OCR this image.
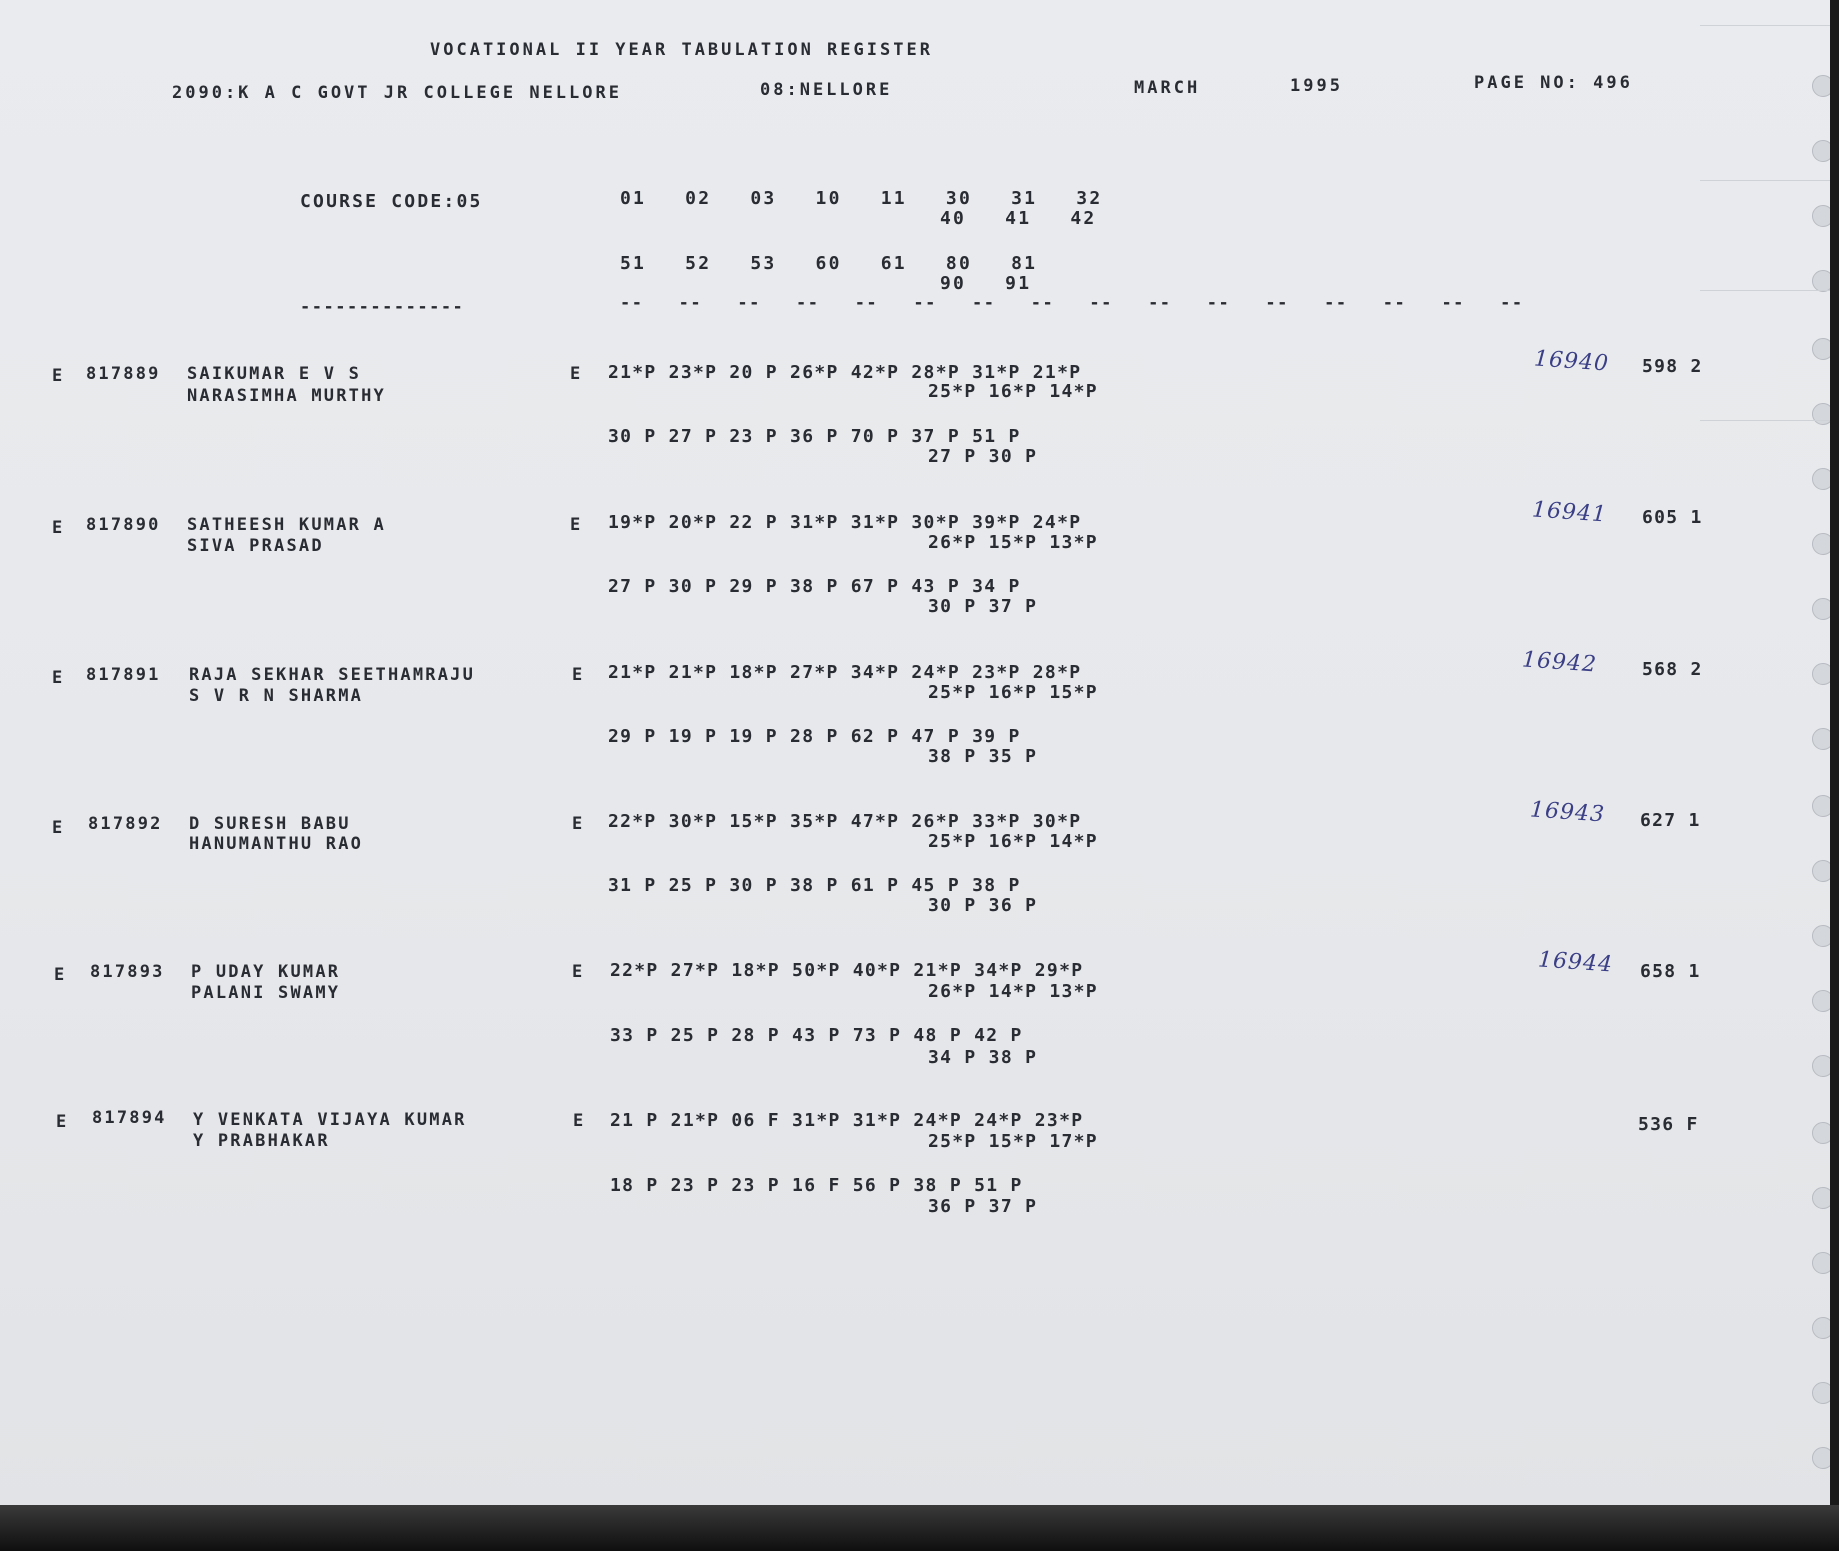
VOCATIONAL II YEAR TABULATION REGISTER
2090:K A C GOVT JR COLLEGE NELLORE	08:NELLORE	MARCH	1995	PAGE NO: 496
COURSE CODE:05	01   02   03   10   11   30   31   32
40   41   42
51   52   53   60   61   80   81
90   91
--------------	--   --   --   --   --   --   --   --   --   --   --   --   --   --   --   --
E 817889 SAIKUMAR E V S
NARASIMHA MURTHY
E 21*P 23*P 20 P 26*P 42*P 28*P 31*P 21*P
25*P 16*P 14*P
30 P 27 P 23 P 36 P 70 P 37 P 51 P
27 P 30 P
16940 598 2
E 817890 SATHEESH KUMAR A
SIVA PRASAD
E 19*P 20*P 22 P 31*P 31*P 30*P 39*P 24*P
26*P 15*P 13*P
27 P 30 P 29 P 38 P 67 P 43 P 34 P
30 P 37 P
16941 605 1
E 817891 RAJA SEKHAR SEETHAMRAJU
S V R N SHARMA
E 21*P 21*P 18*P 27*P 34*P 24*P 23*P 28*P
25*P 16*P 15*P
29 P 19 P 19 P 28 P 62 P 47 P 39 P
38 P 35 P
16942 568 2
E 817892 D SURESH BABU
HANUMANTHU RAO
E 22*P 30*P 15*P 35*P 47*P 26*P 33*P 30*P
25*P 16*P 14*P
31 P 25 P 30 P 38 P 61 P 45 P 38 P
30 P 36 P
16943 627 1
E 817893 P UDAY KUMAR
PALANI SWAMY
E 22*P 27*P 18*P 50*P 40*P 21*P 34*P 29*P
26*P 14*P 13*P
33 P 25 P 28 P 43 P 73 P 48 P 42 P
34 P 38 P
16944 658 1
E 817894 Y VENKATA VIJAYA KUMAR
Y PRABHAKAR
E 21 P 21*P 06 F 31*P 31*P 24*P 24*P 23*P
25*P 15*P 17*P
18 P 23 P 23 P 16 F 56 P 38 P 51 P
36 P 37 P
536 F
